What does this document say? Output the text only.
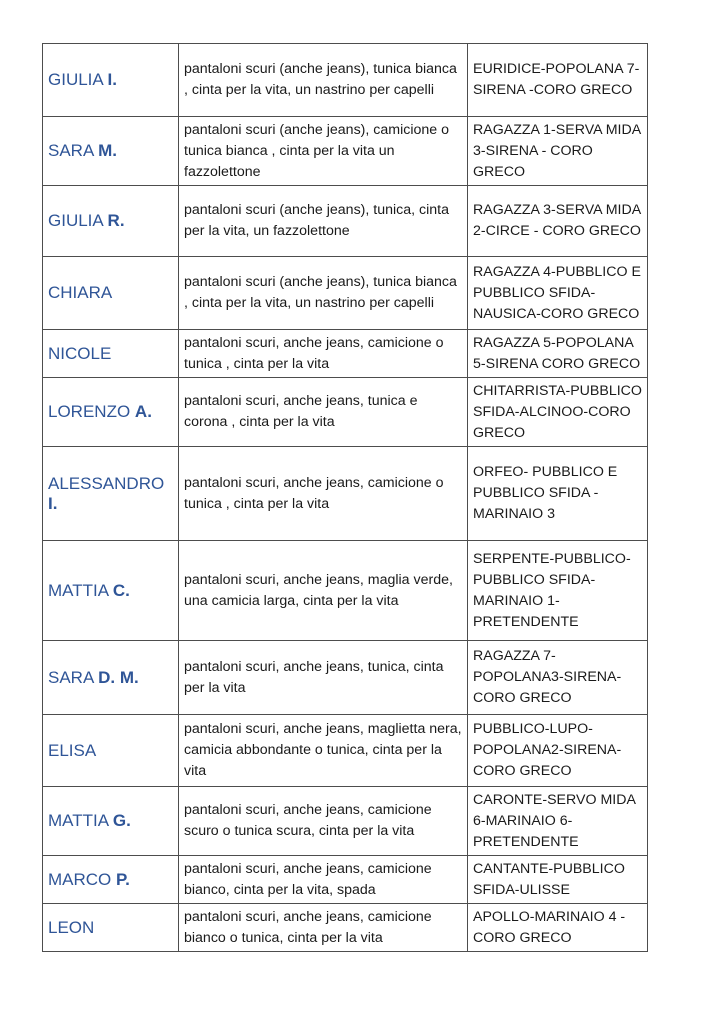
GIULIA I.	pantaloni scuri (anche jeans), tunica bianca , cinta per la vita, un nastrino per capelli	EURIDICE-POPOLANA 7-SIRENA -CORO GRECO
SARA M.	pantaloni scuri (anche jeans), camicione o tunica bianca , cinta per la vita un fazzolettone	RAGAZZA 1-SERVA MIDA 3-SIRENA - CORO GRECO
GIULIA R.	pantaloni scuri (anche jeans), tunica, cinta per la vita, un fazzolettone	RAGAZZA 3-SERVA MIDA 2-CIRCE - CORO GRECO
CHIARA	pantaloni scuri (anche jeans), tunica bianca , cinta per la vita, un nastrino per capelli	RAGAZZA 4-PUBBLICO E PUBBLICO SFIDA-NAUSICA-CORO GRECO
NICOLE	pantaloni scuri, anche jeans, camicione o tunica , cinta per la vita	RAGAZZA 5-POPOLANA 5-SIRENA CORO GRECO
LORENZO A.	pantaloni scuri, anche jeans, tunica e corona , cinta per la vita	CHITARRISTA-PUBBLICO SFIDA-ALCINOO-CORO GRECO
ALESSANDRO I.	pantaloni scuri, anche jeans, camicione o tunica , cinta per la vita	ORFEO- PUBBLICO E PUBBLICO SFIDA - MARINAIO 3
MATTIA C.	pantaloni scuri, anche jeans, maglia verde, una camicia larga, cinta per la vita	SERPENTE-PUBBLICO-PUBBLICO SFIDA-MARINAIO 1-PRETENDENTE
SARA D. M.	pantaloni scuri, anche jeans, tunica, cinta per la vita	RAGAZZA 7-POPOLANA3-SIRENA-CORO GRECO
ELISA	pantaloni scuri, anche jeans, maglietta nera, camicia abbondante o tunica, cinta per la vita	PUBBLICO-LUPO-POPOLANA2-SIRENA-CORO GRECO
MATTIA G.	pantaloni scuri, anche jeans, camicione scuro o tunica scura, cinta per la vita	CARONTE-SERVO MIDA 6-MARINAIO 6-PRETENDENTE
MARCO P.	pantaloni scuri, anche jeans, camicione bianco, cinta per la vita, spada	CANTANTE-PUBBLICO SFIDA-ULISSE
LEON	pantaloni scuri, anche jeans, camicione bianco o tunica, cinta per la vita	APOLLO-MARINAIO 4 - CORO GRECO
